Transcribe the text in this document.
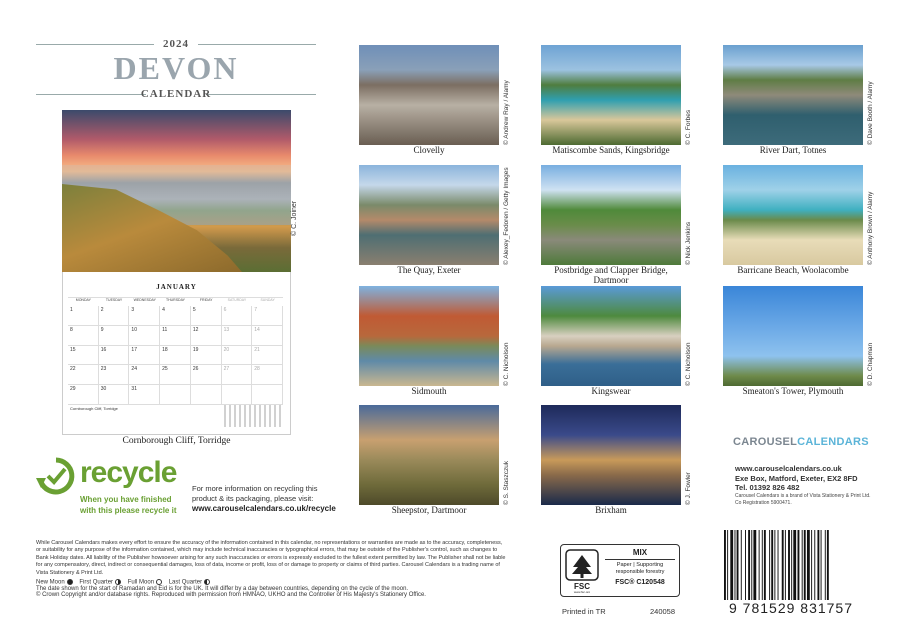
2024
DEVON
CALENDAR
JANUARY
MONDAY	TUESDAY	WEDNESDAY	THURSDAY	FRIDAY	SATURDAY	SUNDAY
1	2	3	4	5	6	7
8	9	10	11	12	13	14
15	16	17	18	19	20	21
22	23	24	25	26	27	28
29	30	31
Cornborough Cliff, Torridge
© C. Joiner
Cornborough Cliff, Torridge
Clovelly
© Andrew Ray / Alamy
Matiscombe Sands, Kingsbridge
© C. Forbes
River Dart, Totnes
© Dave Booth / Alamy
The Quay, Exeter
© Alexey_Fedoren / Getty Images
Postbridge and Clapper Bridge, Dartmoor
© Nick Jenkins
Barricane Beach, Woolacombe
© Anthony Brown / Alamy
Sidmouth
© C. Nicholson
Kingswear
© C. Nicholson
Smeaton's Tower, Plymouth
© D. Chapman
Sheepstor, Dartmoor
© S. Staszczuk
Brixham
© J. Fowler
recycle
When you have finished
with this please recycle it
For more information on recycling this
product & its packaging, please visit:
www.carouselcalendars.co.uk/recycle
CAROUSELCALENDARS
www.carouselcalendars.co.uk
Exe Box, Matford, Exeter, EX2 8FD
Tel. 01392 826 482
Carousel Calendars is a brand of Vista Stationery & Print Ltd.
Co Registration 5900471.
While Carousel Calendars makes every effort to ensure the accuracy of the information contained in this calendar, no representations or warranties are made as to the accuracy, completeness, or suitability for any purpose of the information contained, which may include technical inaccuracies or typographical errors, that may be outside of the Publisher's control, such as changes to Bank Holiday dates. All liability of the Publisher howsoever arising for any such inaccuracies or errors is expressly excluded to the fullest extent permitted by law. The Publisher shall not be liable for any compensatory, direct, indirect or consequential damages, loss of data, income or profit, loss of or damage to property or claims of third parties. Carousel Calendars is a trading name of Vista Stationery & Print Ltd.
New Moon First Quarter Full Moon Last Quarter
The date shown for the start of Ramadan and Eid is for the UK. It will differ by a day between countries, depending on the cycle of the moon.
© Crown Copyright and/or database rights. Reproduced with permission from HMNAO, UKHO and the Controller of His Majesty's Stationery Office.
FSC
www.fsc.org
MIX
Paper | Supporting
responsible forestry
FSC® C120548
Printed in TR	240058	9 781529 831757
